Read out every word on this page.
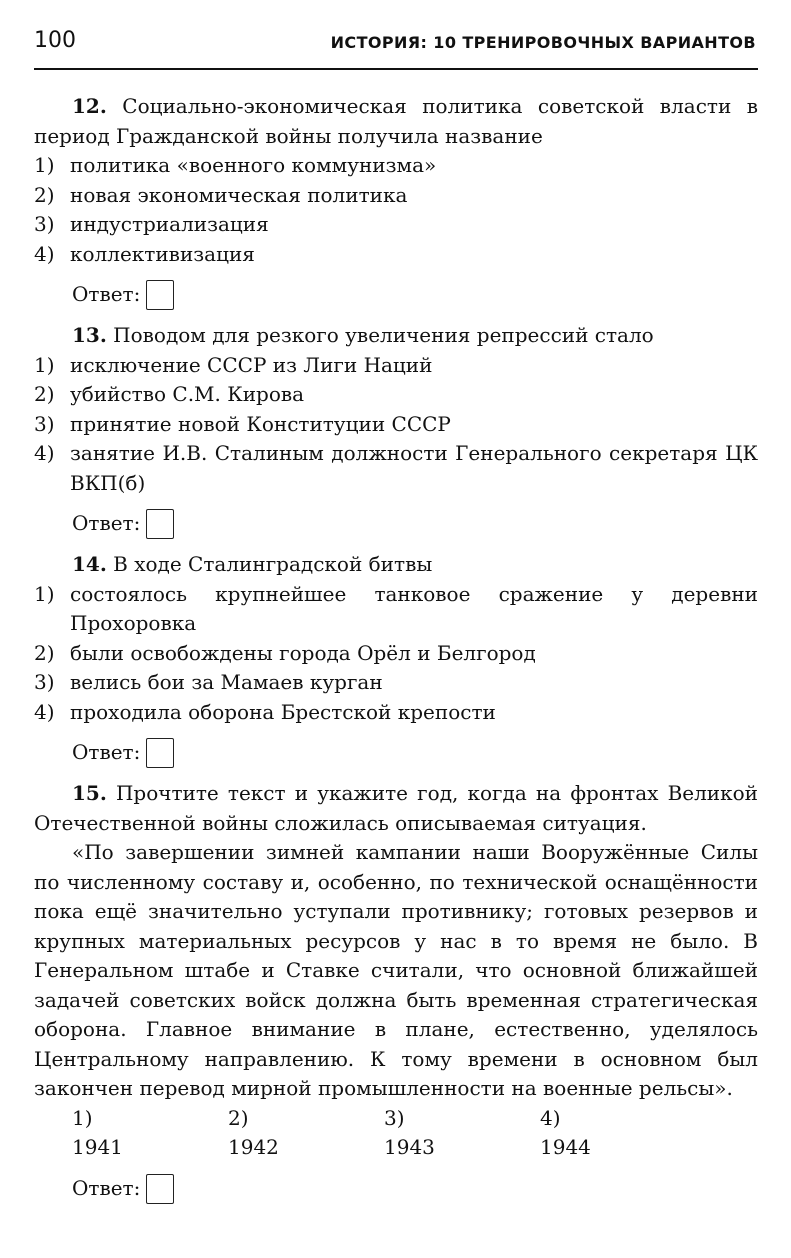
100	ИСТОРИЯ: 10 ТРЕНИРОВОЧНЫХ ВАРИАНТОВ

12. Социально-экономическая политика советской власти в период Гражданской войны получила название

1) политика «военного коммунизма»

2) новая экономическая политика

3) индустриализация

4) коллективизация

Ответ:

13. Поводом для резкого увеличения репрессий стало

1) исключение СССР из Лиги Наций

2) убийство С.М. Кирова

3) принятие новой Конституции СССР

4) занятие И.В. Сталиным должности Генерального секретаря ЦК ВКП(б)

Ответ:

14. В ходе Сталинградской битвы

1) состоялось крупнейшее танковое сражение у деревни Прохоровка

2) были освобождены города Орёл и Белгород

3) велись бои за Мамаев курган

4) проходила оборона Брестской крепости

Ответ:

15. Прочтите текст и укажите год, когда на фронтах Великой Отечественной войны сложилась описываемая ситуация.

«По завершении зимней кампании наши Вооружённые Силы по численному составу и, особенно, по технической оснащённости пока ещё значительно уступали противнику; готовых резервов и крупных материальных ресурсов у нас в то время не было. В Генеральном штабе и Ставке считали, что основной ближайшей задачей советских войск должна быть временная стратегическая оборона. Главное внимание в плане, естественно, уделялось Центральному направлению. К тому времени в основном был закончен перевод мирной промышленности на военные рельсы».

1) 1941
2) 1942
3) 1943
4) 1944
Ответ:
